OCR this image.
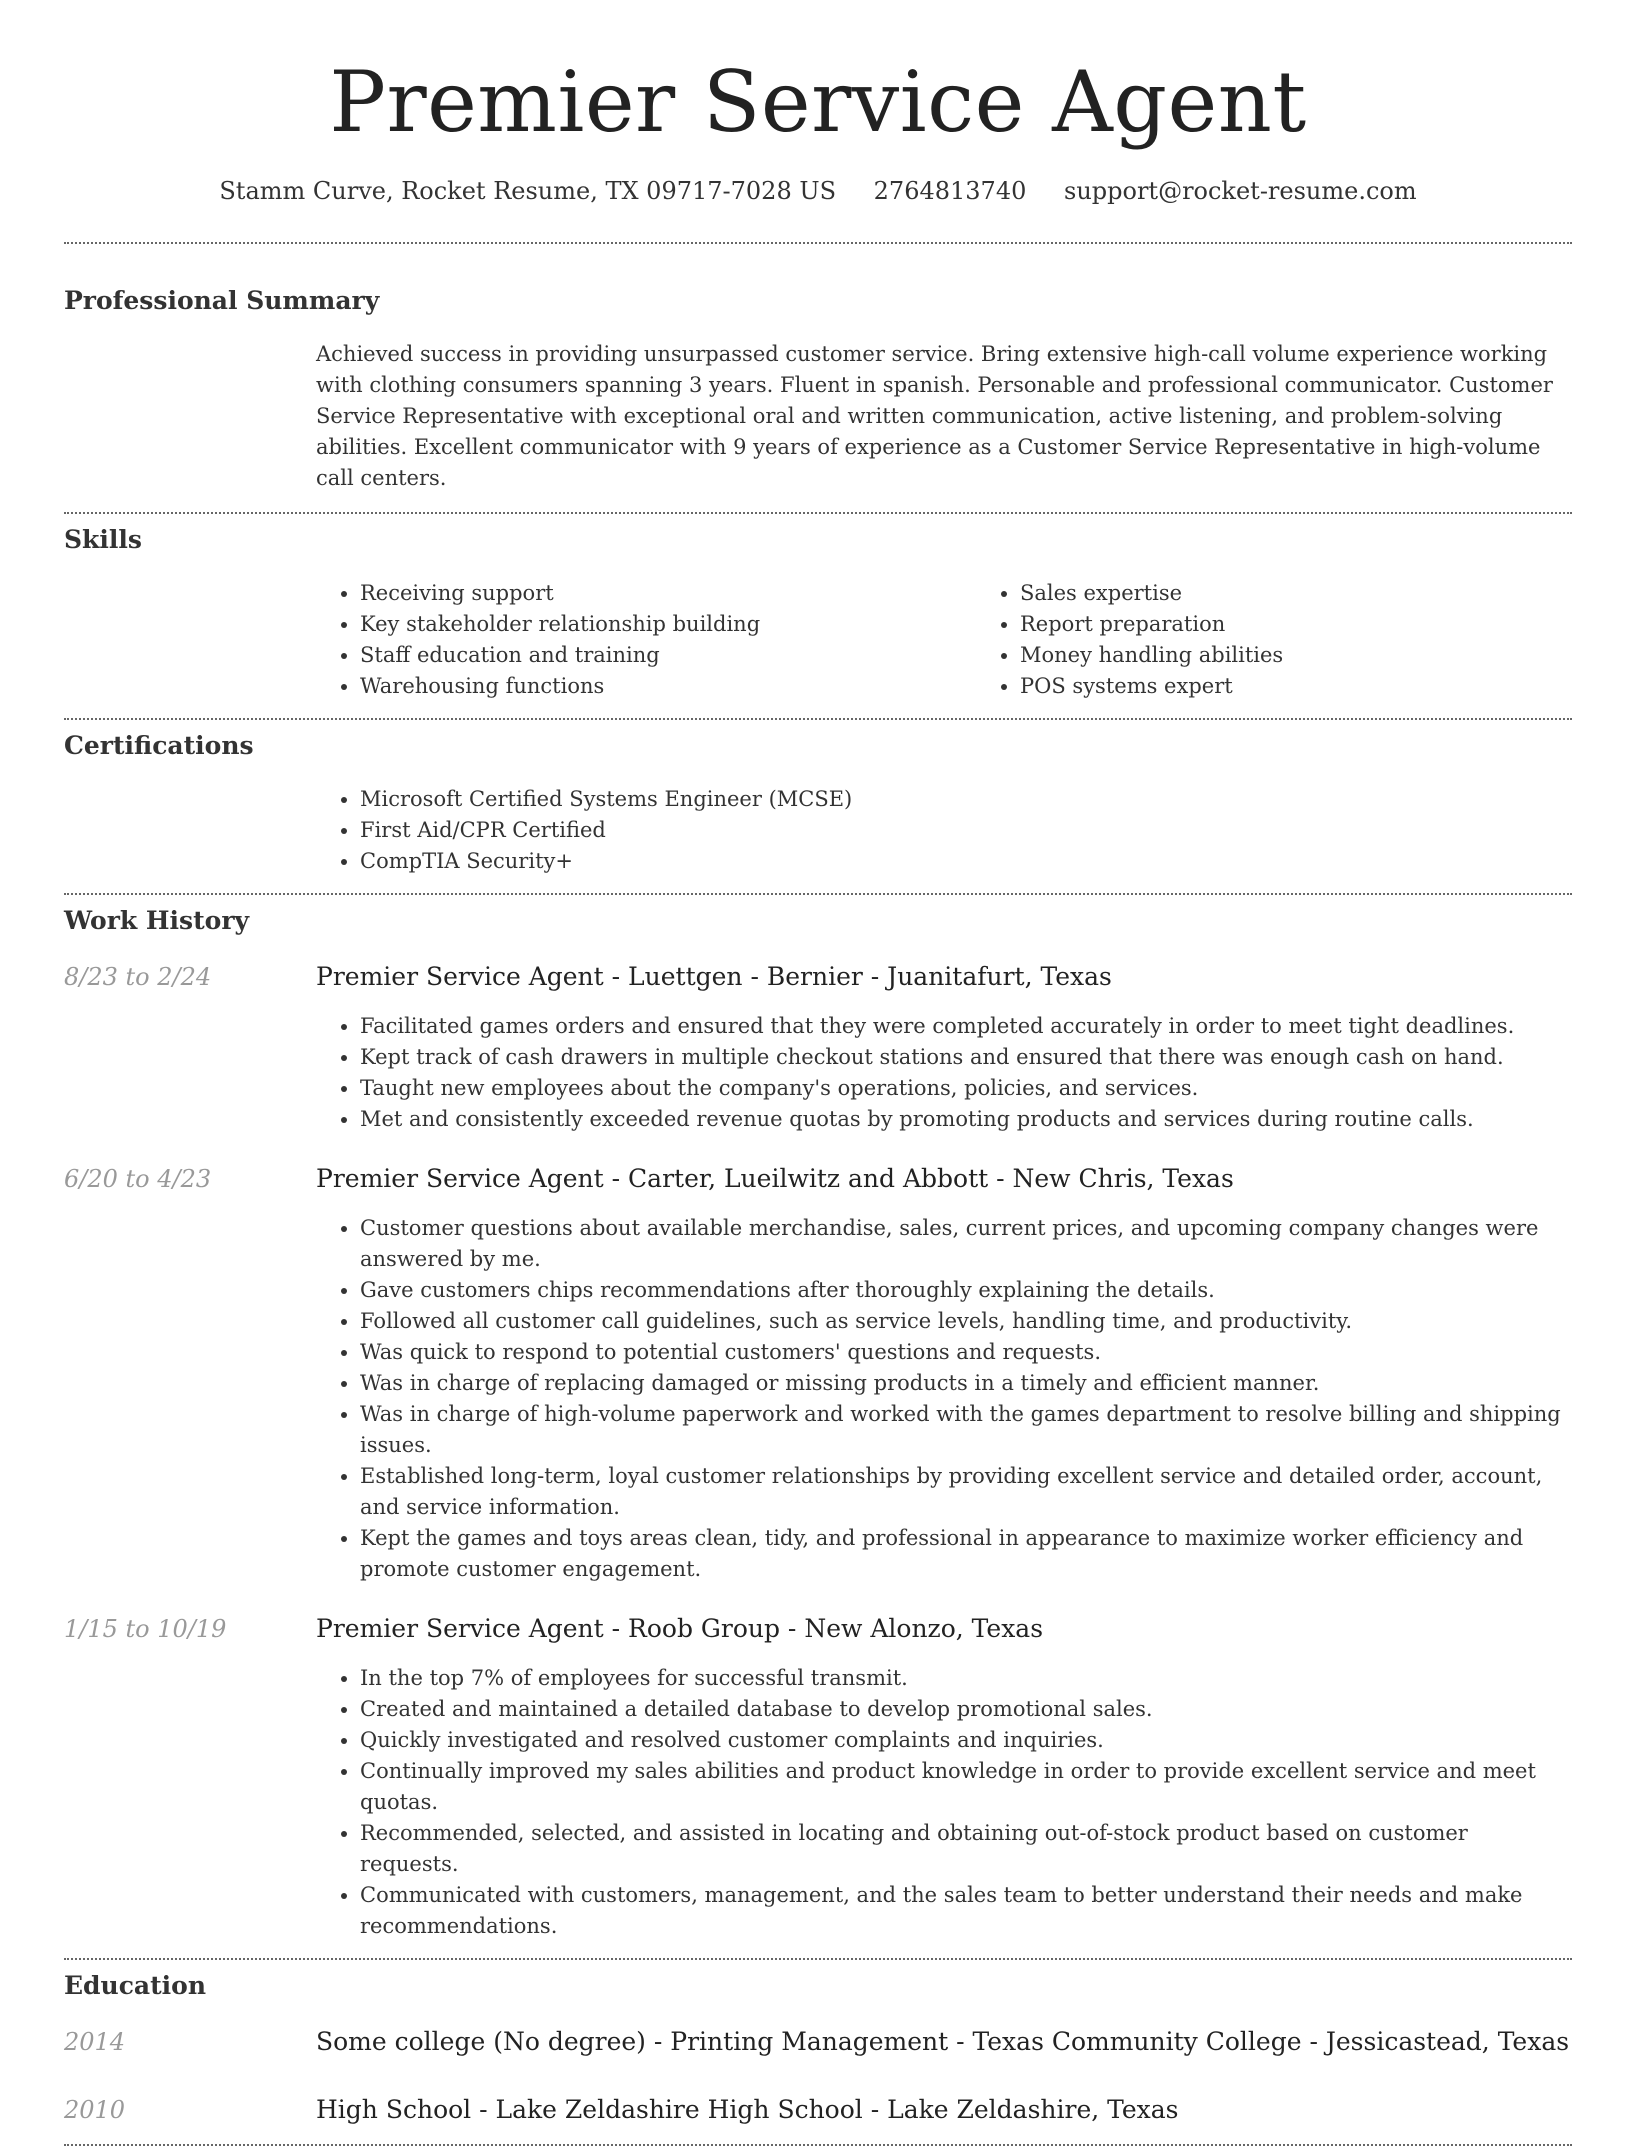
Premier Service Agent
Stamm Curve, Rocket Resume, TX 09717-7028 US 2764813740 support@rocket-resume.com
Professional Summary

Achieved success in providing unsurpassed customer service. Bring extensive high-call volume experience working with clothing consumers spanning 3 years. Fluent in spanish. Personable and professional communicator. Customer Service Representative with exceptional oral and written communication, active listening, and problem-solving abilities. Excellent communicator with 9 years of experience as a Customer Service Representative in high-volume call centers.

Skills
• Receiving support
• Key stakeholder relationship building
• Staff education and training
• Warehousing functions
• Sales expertise
• Report preparation
• Money handling abilities
• POS systems expert
Certifications
• Microsoft Certified Systems Engineer (MCSE)
• First Aid/CPR Certified
• CompTIA Security+
Work History
8/23 to 2/24	Premier Service Agent - Luettgen - Bernier - Juanitafurt, Texas
• Facilitated games orders and ensured that they were completed accurately in order to meet tight deadlines.
• Kept track of cash drawers in multiple checkout stations and ensured that there was enough cash on hand.
• Taught new employees about the company's operations, policies, and services.
• Met and consistently exceeded revenue quotas by promoting products and services during routine calls.
6/20 to 4/23	Premier Service Agent - Carter, Lueilwitz and Abbott - New Chris, Texas
• Customer questions about available merchandise, sales, current prices, and upcoming company changes were answered by me.
• Gave customers chips recommendations after thoroughly explaining the details.
• Followed all customer call guidelines, such as service levels, handling time, and productivity.
• Was quick to respond to potential customers' questions and requests.
• Was in charge of replacing damaged or missing products in a timely and efficient manner.
• Was in charge of high-volume paperwork and worked with the games department to resolve billing and shipping issues.
• Established long-term, loyal customer relationships by providing excellent service and detailed order, account, and service information.
• Kept the games and toys areas clean, tidy, and professional in appearance to maximize worker efficiency and promote customer engagement.
1/15 to 10/19	Premier Service Agent - Roob Group - New Alonzo, Texas
• In the top 7% of employees for successful transmit.
• Created and maintained a detailed database to develop promotional sales.
• Quickly investigated and resolved customer complaints and inquiries.
• Continually improved my sales abilities and product knowledge in order to provide excellent service and meet quotas.
• Recommended, selected, and assisted in locating and obtaining out-of-stock product based on customer requests.
• Communicated with customers, management, and the sales team to better understand their needs and make recommendations.
Education
2014	Some college (No degree) - Printing Management - Texas Community College - Jessicastead, Texas
2010	High School - Lake Zeldashire High School - Lake Zeldashire, Texas
